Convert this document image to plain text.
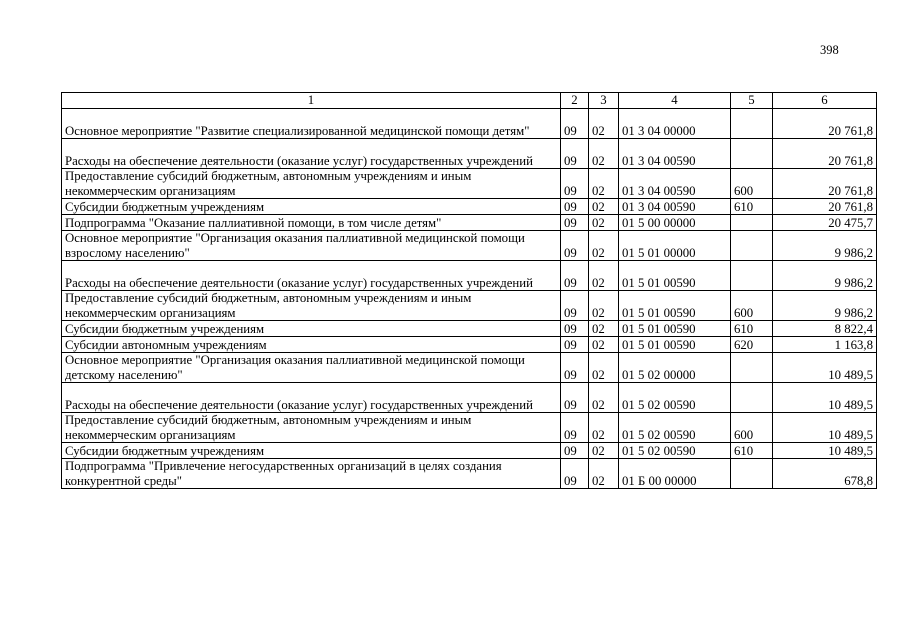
398
1	2	3	4	5	6
Основное мероприятие "Развитие специализированной медицинской помощи детям"	09	02	01 3 04 00000		20 761,8
Расходы на обеспечение деятельности (оказание услуг) государственных учреждений	09	02	01 3 04 00590		20 761,8
Предоставление субсидий бюджетным, автономным учреждениям и иным некоммерческим организациям	09	02	01 3 04 00590	600	20 761,8
Субсидии бюджетным учреждениям	09	02	01 3 04 00590	610	20 761,8
Подпрограмма "Оказание паллиативной помощи, в том числе детям"	09	02	01 5 00 00000		20 475,7
Основное мероприятие "Организация оказания паллиативной медицинской помощи взрослому населению"	09	02	01 5 01 00000		9 986,2
Расходы на обеспечение деятельности (оказание услуг) государственных учреждений	09	02	01 5 01 00590		9 986,2
Предоставление субсидий бюджетным, автономным учреждениям и иным некоммерческим организациям	09	02	01 5 01 00590	600	9 986,2
Субсидии бюджетным учреждениям	09	02	01 5 01 00590	610	8 822,4
Субсидии автономным учреждениям	09	02	01 5 01 00590	620	1 163,8
Основное мероприятие "Организация оказания паллиативной медицинской помощи детскому населению"	09	02	01 5 02 00000		10 489,5
Расходы на обеспечение деятельности (оказание услуг) государственных учреждений	09	02	01 5 02 00590		10 489,5
Предоставление субсидий бюджетным, автономным учреждениям и иным некоммерческим организациям	09	02	01 5 02 00590	600	10 489,5
Субсидии бюджетным учреждениям	09	02	01 5 02 00590	610	10 489,5
Подпрограмма "Привлечение негосударственных организаций в целях создания конкурентной среды"	09	02	01 Б 00 00000		678,8
